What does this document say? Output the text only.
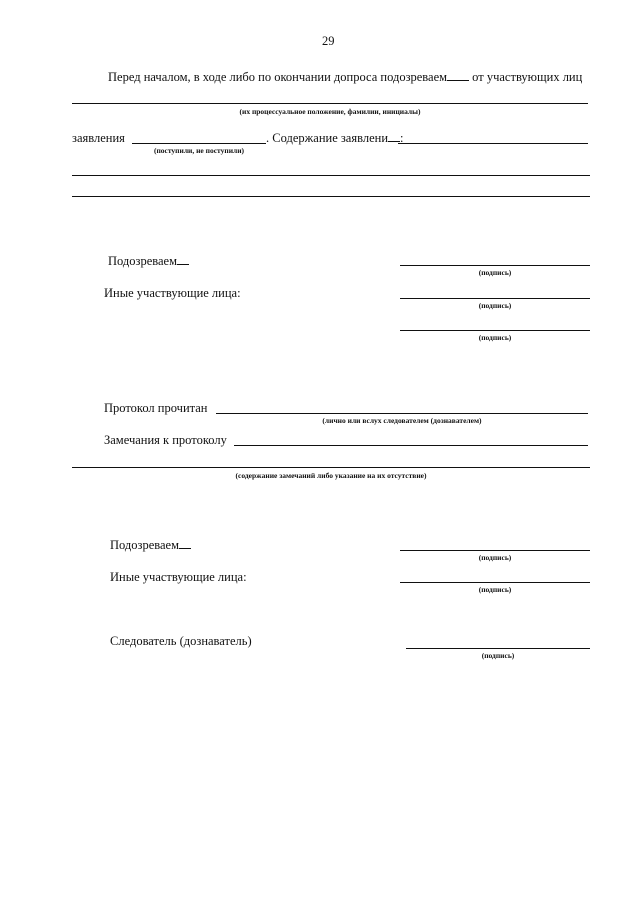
29
Перед началом, в ходе либо по окончании допроса подозреваем от участвующих лиц
(их процессуальное положение, фамилии, инициалы)
заявления	. Содержание заявлени :
(поступили, не поступили)
Подозреваем
(подпись)
Иные участвующие лица:
(подпись)
(подпись)
Протокол прочитан
(лично или вслух следователем (дознавателем)
Замечания к протоколу
(содержание замечаний либо указание на их отсутствие)
Подозреваем
(подпись)
Иные участвующие лица:
(подпись)
Следователь (дознаватель)
(подпись)
